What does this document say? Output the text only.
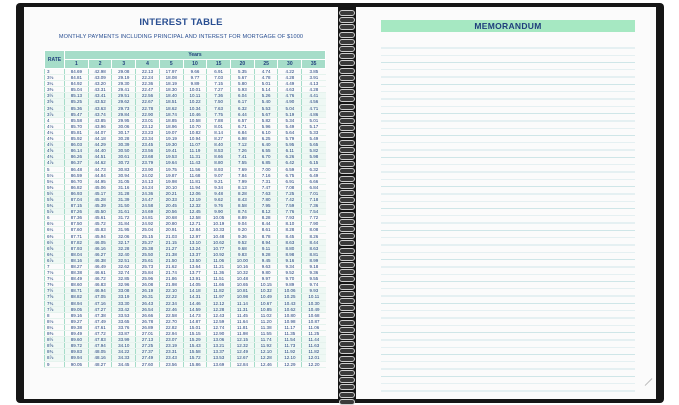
INTEREST TABLE
MONTHLY PAYMENTS INCLUDING PRINCIPAL AND INTEREST FOR MORTGAGE OF $1000
RATE	Years										
	1	2	3	4	5	10	15	20	25	30	35
3	84.69	42.98	29.08	22.13	17.97	9.66	6.91	5.35	4.74	4.22	3.85
3⅛	84.81	43.09	29.19	22.24	18.08	9.77	7.03	5.67	4.78	4.28	3.91
3¼	84.92	43.20	29.30	22.36	18.19	9.89	7.15	5.80	5.01	4.49	4.13
3⅜	85.04	43.31	29.41	22.47	18.30	10.01	7.27	5.93	5.14	4.63	4.28
3½	85.13	43.41	29.51	22.56	18.40	10.11	7.36	6.04	5.26	4.76	4.41
3⅝	85.25	43.52	29.62	22.67	18.51	10.22	7.50	6.17	5.40	4.90	4.56
3¾	85.36	43.63	29.73	22.78	18.62	10.34	7.63	6.32	5.53	5.04	4.71
3⅞	85.47	43.74	29.84	22.90	18.74	10.46	7.75	6.44	5.67	5.19	4.86
4	85.58	43.85	29.95	23.01	18.85	10.58	7.88	6.57	5.82	5.34	5.01
4⅛	85.70	43.96	30.06	23.12	18.96	10.70	8.01	6.71	5.96	5.49	5.17
4¼	85.81	44.07	30.17	23.23	19.07	10.82	8.14	6.84	6.10	5.64	5.33
4⅜	85.92	44.18	30.28	23.34	19.19	10.94	8.27	6.98	6.25	5.79	5.49
4½	86.03	44.29	30.39	23.45	19.30	11.07	8.40	7.12	6.40	5.95	5.65
4⅝	86.14	44.40	30.50	23.56	19.41	11.19	8.53	7.26	6.55	6.11	5.82
4¾	86.26	44.51	30.61	23.68	19.53	11.31	8.66	7.41	6.70	6.26	5.98
4⅞	86.37	44.62	30.72	23.79	19.64	11.43	8.80	7.55	6.85	6.42	6.15
5	86.48	44.73	30.83	23.90	19.75	11.56	8.93	7.69	7.00	6.59	6.32
5⅛	86.59	44.84	30.94	24.02	19.87	11.68	9.07	7.84	7.16	6.75	6.49
5¼	86.70	44.95	31.05	24.13	19.98	11.81	9.21	7.99	7.31	6.91	6.66
5⅜	86.82	45.06	31.16	24.24	20.10	11.94	9.34	8.13	7.47	7.08	6.84
5½	86.93	45.17	31.28	24.36	20.21	12.06	9.48	8.28	7.63	7.25	7.01
5⅝	87.04	45.28	31.39	24.47	20.33	12.19	9.62	8.43	7.80	7.42	7.18
5¾	87.15	45.39	31.50	24.58	20.45	12.32	9.76	8.58	7.95	7.59	7.36
5⅞	87.26	45.50	31.61	24.69	20.56	12.45	9.90	8.74	8.12	7.76	7.54
6	87.36	45.61	31.72	24.81	20.68	12.58	10.05	8.89	8.28	7.93	7.72
6⅛	87.50	45.72	31.84	24.92	20.80	12.71	10.19	9.04	8.44	8.10	7.90
6¼	87.60	45.83	31.95	25.04	20.91	12.84	10.33	9.20	8.61	8.28	8.08
6⅜	87.71	45.94	32.06	25.15	21.03	12.97	10.48	9.36	8.78	8.45	8.26
6½	87.82	46.05	32.17	25.27	21.15	13.10	10.62	9.52	8.94	8.63	8.44
6⅝	87.93	46.16	32.28	25.38	21.27	13.24	10.77	9.68	9.11	8.80	8.63
6¾	88.04	46.27	32.40	25.50	21.38	13.37	10.92	9.83	9.28	8.98	8.81
6⅞	88.16	46.38	32.51	25.61	21.50	13.50	11.06	10.00	9.45	9.16	8.99
7	88.27	46.49	32.62	25.73	21.62	13.64	11.21	10.16	9.63	9.34	9.18
7⅛	88.38	46.61	32.74	25.84	21.74	13.77	11.36	10.32	9.80	9.52	9.36
7¼	88.49	46.72	32.85	25.96	21.86	13.91	11.51	10.48	9.97	9.70	9.55
7⅜	88.60	46.83	32.96	26.08	21.98	14.05	11.66	10.65	10.15	9.89	9.74
7½	88.71	46.94	33.08	26.19	22.10	14.18	11.82	10.81	10.32	10.06	9.93
7⅝	88.82	47.05	33.19	26.31	22.22	14.31	11.97	10.98	10.49	10.25	10.11
7¾	88.94	47.16	33.30	26.43	22.34	14.46	12.12	11.14	10.67	10.43	10.30
7⅞	89.05	47.27	33.42	26.54	22.46	14.59	12.28	11.31	10.85	10.62	10.49
8	89.16	47.38	33.53	26.66	22.58	14.73	12.43	11.45	11.02	10.80	10.68
8⅛	89.27	47.49	33.65	26.78	22.70	14.87	12.59	11.64	11.20	10.98	10.87
8¼	89.38	47.61	33.76	26.89	22.82	15.01	12.74	11.81	11.38	11.17	11.06
8⅜	89.49	47.72	33.87	27.01	22.94	15.15	12.90	11.98	11.55	11.35	11.25
8½	89.60	47.83	33.99	27.13	23.07	15.29	13.06	12.15	11.74	11.54	11.44
8⅝	89.72	47.94	34.10	27.25	23.19	15.43	13.21	12.32	11.92	11.73	11.63
8¾	89.83	48.05	34.22	27.37	23.31	15.58	13.37	12.49	12.10	11.92	11.82
8⅞	89.94	48.16	34.33	27.49	23.43	15.72	13.53	12.67	12.28	12.10	12.01
9	90.05	48.27	34.45	27.60	23.56	15.86	13.69	12.84	12.46	12.29	12.20
MEMORANDUM
